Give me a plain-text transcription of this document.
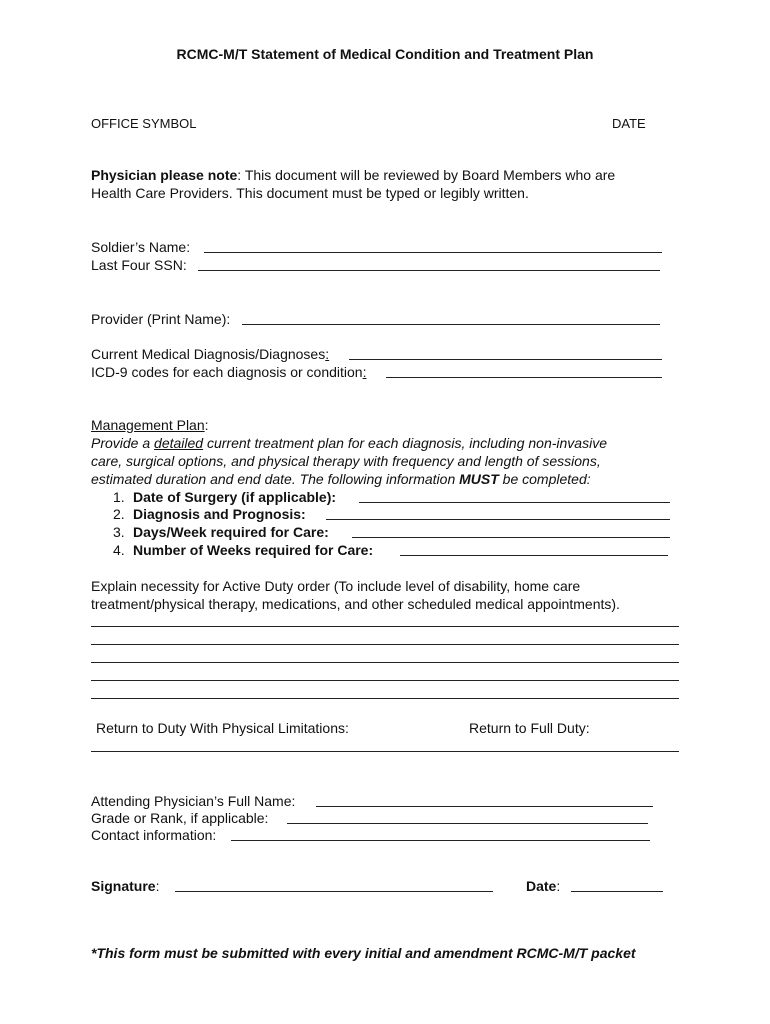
RCMC-M/T Statement of Medical Condition and Treatment Plan
OFFICE SYMBOL	DATE
Physician please note: This document will be reviewed by Board Members who are
Health Care Providers. This document must be typed or legibly written.
Soldier’s Name:
Last Four SSN:
Provider (Print Name):
Current Medical Diagnosis/Diagnoses:
ICD-9 codes for each diagnosis or condition:
Management Plan:
Provide a detailed current treatment plan for each diagnosis, including non-invasive
care, surgical options, and physical therapy with frequency and length of sessions,
estimated duration and end date. The following information MUST be completed:
1. Date of Surgery (if applicable):
2. Diagnosis and Prognosis:
3. Days/Week required for Care:
4. Number of Weeks required for Care:
Explain necessity for Active Duty order (To include level of disability, home care
treatment/physical therapy, medications, and other scheduled medical appointments).
Return to Duty With Physical Limitations:	Return to Full Duty:
Attending Physician’s Full Name:
Grade or Rank, if applicable:
Contact information:
Signature:	Date:
*This form must be submitted with every initial and amendment RCMC-M/T packet
